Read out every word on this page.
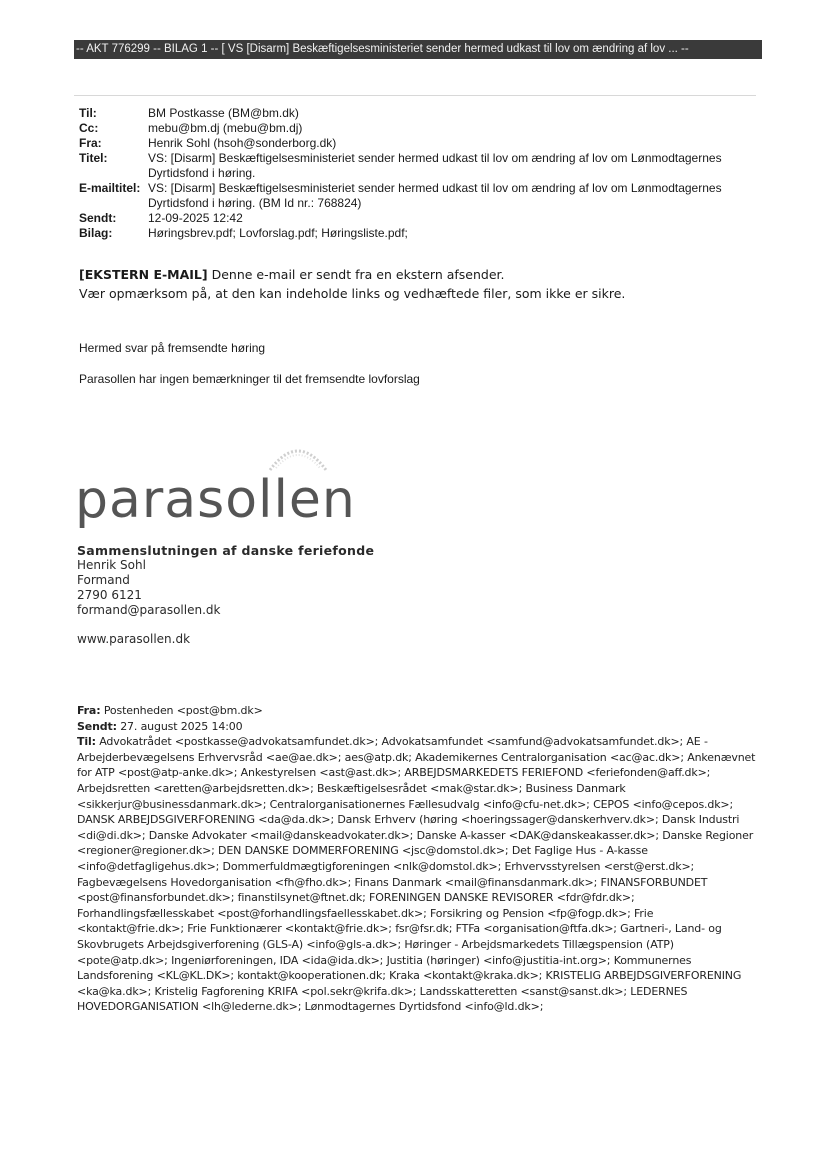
-- AKT 776299 -- BILAG 1 -- [ VS [Disarm] Beskæftigelsesministeriet sender hermed udkast til lov om ændring af lov ... --
Til:	BM Postkasse (BM@bm.dk)
Cc:	mebu@bm.dj (mebu@bm.dj)
Fra:	Henrik Sohl (hsoh@sonderborg.dk)
Titel:	VS: [Disarm] Beskæftigelsesministeriet sender hermed udkast til lov om ændring af lov om Lønmodtagernes Dyrtidsfond i høring.
E-mailtitel: VS: [Disarm] Beskæftigelsesministeriet sender hermed udkast til lov om ændring af lov om Lønmodtagernes Dyrtidsfond i høring. (BM Id nr.: 768824)
Sendt:	12-09-2025 12:42
Bilag:	Høringsbrev.pdf; Lovforslag.pdf; Høringsliste.pdf;
[EKSTERN E-MAIL] Denne e-mail er sendt fra en ekstern afsender.
Vær opmærksom på, at den kan indeholde links og vedhæftede filer, som ikke er sikre.
Hermed svar på fremsendte høring
Parasollen har ingen bemærkninger til det fremsendte lovforslag
parasollen
Sammenslutningen af danske feriefonde
Henrik Sohl
Formand
2790 6121
formand@parasollen.dk
www.parasollen.dk
Fra: Postenheden <post@bm.dk>
Sendt: 27. august 2025 14:00
Til: Advokatrådet <postkasse@advokatsamfundet.dk>; Advokatsamfundet <samfund@advokatsamfundet.dk>; AE - Arbejderbevægelsens Erhvervsråd <ae@ae.dk>; aes@atp.dk; Akademikernes Centralorganisation <ac@ac.dk>; Ankenævnet for ATP <post@atp-anke.dk>; Ankestyrelsen <ast@ast.dk>; ARBEJDSMARKEDETS FERIEFOND <feriefonden@aff.dk>; Arbejdsretten <aretten@arbejdsretten.dk>; Beskæftigelsesrådet <mak@star.dk>; Business Danmark <sikkerjur@businessdanmark.dk>; Centralorganisationernes Fællesudvalg <info@cfu-net.dk>; CEPOS <info@cepos.dk>; DANSK ARBEJDSGIVERFORENING <da@da.dk>; Dansk Erhverv (høring <hoeringssager@danskerhverv.dk>; Dansk Industri <di@di.dk>; Danske Advokater <mail@danskeadvokater.dk>; Danske A-kasser <DAK@danskeakasser.dk>; Danske Regioner <regioner@regioner.dk>; DEN DANSKE DOMMERFORENING <jsc@domstol.dk>; Det Faglige Hus - A-kasse <info@detfagligehus.dk>; Dommerfuldmægtigforeningen <nlk@domstol.dk>; Erhvervsstyrelsen <erst@erst.dk>; Fagbevægelsens Hovedorganisation <fh@fho.dk>; Finans Danmark <mail@finansdanmark.dk>; FINANSFORBUNDET <post@finansforbundet.dk>; finanstilsynet@ftnet.dk; FORENINGEN DANSKE REVISORER <fdr@fdr.dk>; Forhandlingsfællesskabet <post@forhandlingsfaellesskabet.dk>; Forsikring og Pension <fp@fogp.dk>; Frie <kontakt@frie.dk>; Frie Funktionærer <kontakt@frie.dk>; fsr@fsr.dk; FTFa <organisation@ftfa.dk>; Gartneri-, Land- og Skovbrugets Arbejdsgiverforening (GLS-A) <info@gls-a.dk>; Høringer - Arbejdsmarkedets Tillægspension (ATP) <pote@atp.dk>; Ingeniørforeningen, IDA <ida@ida.dk>; Justitia (høringer) <info@justitia-int.org>; Kommunernes Landsforening <KL@KL.DK>; kontakt@kooperationen.dk; Kraka <kontakt@kraka.dk>; KRISTELIG ARBEJDSGIVERFORENING <ka@ka.dk>; Kristelig Fagforening KRIFA <pol.sekr@krifa.dk>; Landsskatteretten <sanst@sanst.dk>; LEDERNES HOVEDORGANISATION <lh@lederne.dk>; Lønmodtagernes Dyrtidsfond <info@ld.dk>;
